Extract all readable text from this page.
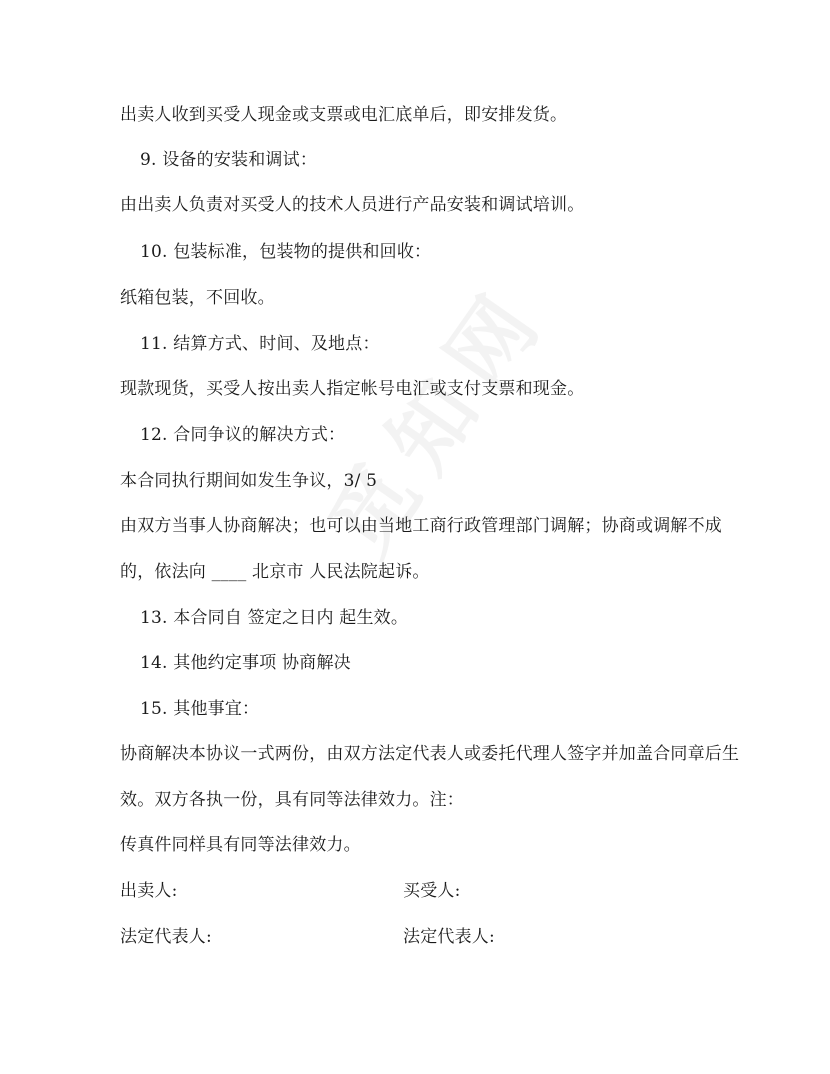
出卖人收到买受人现金或支票或电汇底单后，即安排发货。
9. 设备的安装和调试：
由出卖人负责对买受人的技术人员进行产品安装和调试培训。
10. 包装标准，包装物的提供和回收：
纸箱包装，不回收。
11. 结算方式、时间、及地点：
现款现货，买受人按出卖人指定帐号电汇或支付支票和现金。
12. 合同争议的解决方式：
本合同执行期间如发生争议，3/ 5
由双方当事人协商解决；也可以由当地工商行政管理部门调解；协商或调解不成
的，依法向 ____ 北京市 人民法院起诉。
13. 本合同自 签定之日内 起生效。
14. 其他约定事项 协商解决
15. 其他事宜：
协商解决本协议一式两份，由双方法定代表人或委托代理人签字并加盖合同章后生
效。双方各执一份，具有同等法律效力。注：
传真件同样具有同等法律效力。
出卖人:	买受人:
法定代表人:	法定代表人:
